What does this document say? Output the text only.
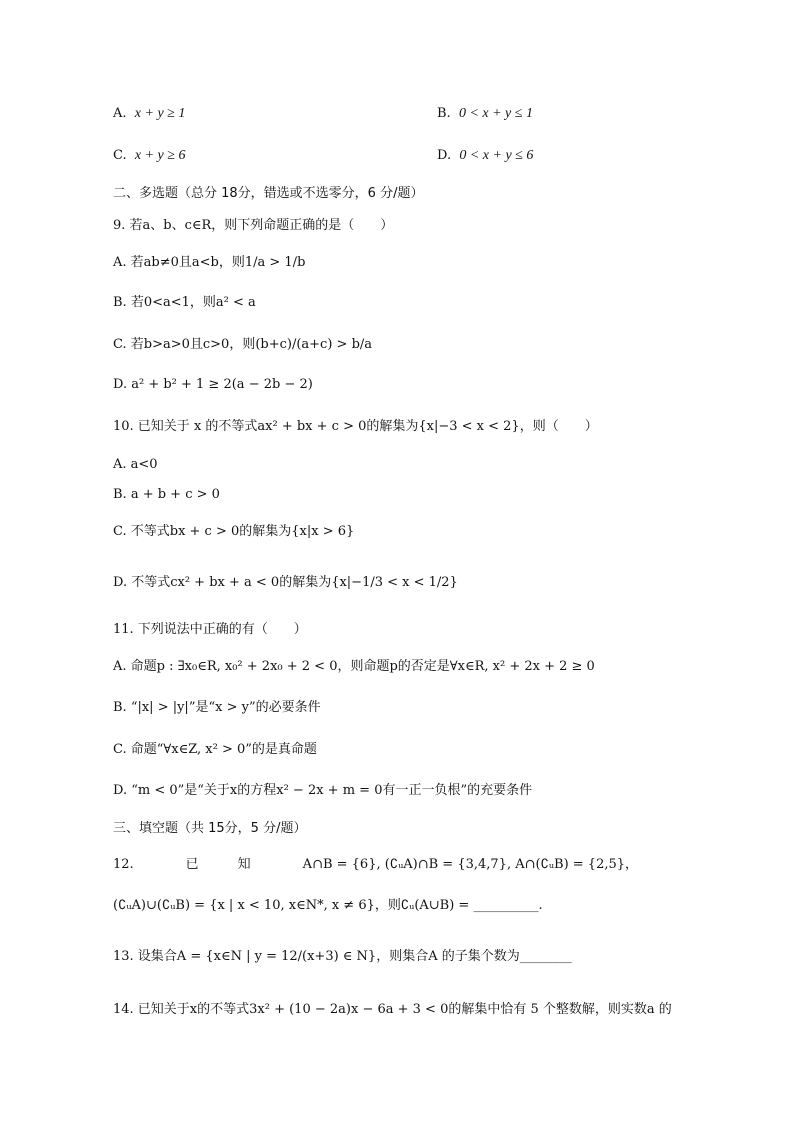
A. x + y ≥ 1	B. 0 < x + y ≤ 1
C. x + y ≥ 6	D. 0 < x + y ≤ 6
二、多选题（总分 18分，错选或不选零分，6 分/题）
9. 若a、b、c∈R，则下列命题正确的是（　　）
A. 若ab≠0且a<b，则1/a > 1/b
B. 若0<a<1，则a² < a
C. 若b>a>0且c>0，则(b+c)/(a+c) > b/a
D. a² + b² + 1 ≥ 2(a − 2b − 2)
10. 已知关于 x 的不等式ax² + bx + c > 0的解集为{x|−3 < x < 2}，则（　　）
A. a<0
B. a + b + c > 0
C. 不等式bx + c > 0的解集为{x|x > 6}
D. 不等式cx² + bx + a < 0的解集为{x|−1/3 < x < 1/2}
11. 下列说法中正确的有（　　）
A. 命题p : ∃x₀∈R, x₀² + 2x₀ + 2 < 0，则命题p的否定是∀x∈R, x² + 2x + 2 ≥ 0
B. “|x| > |y|”是“x > y”的必要条件
C. 命题“∀x∈Z, x² > 0”的是真命题
D. “m < 0”是“关于x的方程x² − 2x + m = 0有一正一负根”的充要条件
三、填空题（共 15分，5 分/题）
12.　　　　已　　　知　　　　A∩B = {6}, (∁ᵤA)∩B = {3,4,7}, A∩(∁ᵤB) = {2,5}，
(∁ᵤA)∪(∁ᵤB) = {x | x < 10, x∈N*, x ≠ 6}，则∁ᵤ(A∪B) = __________.
13. 设集合A = {x∈N | y = 12/(x+3) ∈ N}，则集合A 的子集个数为________
14. 已知关于x的不等式3x² + (10 − 2a)x − 6a + 3 < 0的解集中恰有 5 个整数解，则实数a 的
